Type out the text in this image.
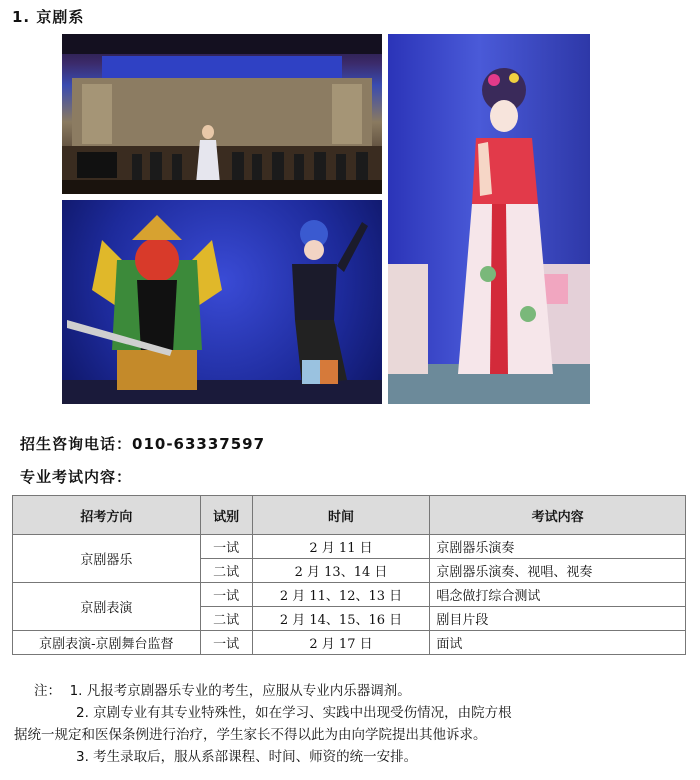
1. 京剧系
招生咨询电话：010-63337597
专业考试内容：
招考方向	试别	时间	考试内容
京剧器乐	一试	2 月 11 日	京剧器乐演奏
	二试	2 月 13、14 日	京剧器乐演奏、视唱、视奏
京剧表演	一试	2 月 11、12、13 日	唱念做打综合测试
	二试	2 月 14、15、16 日	剧目片段
京剧表演-京剧舞台监督	一试	2 月 17 日	面试
注： 1. 凡报考京剧器乐专业的考生，应服从专业内乐器调剂。
2. 京剧专业有其专业特殊性，如在学习、实践中出现受伤情况，由院方根
据统一规定和医保条例进行治疗，学生家长不得以此为由向学院提出其他诉求。
3. 考生录取后，服从系部课程、时间、师资的统一安排。
